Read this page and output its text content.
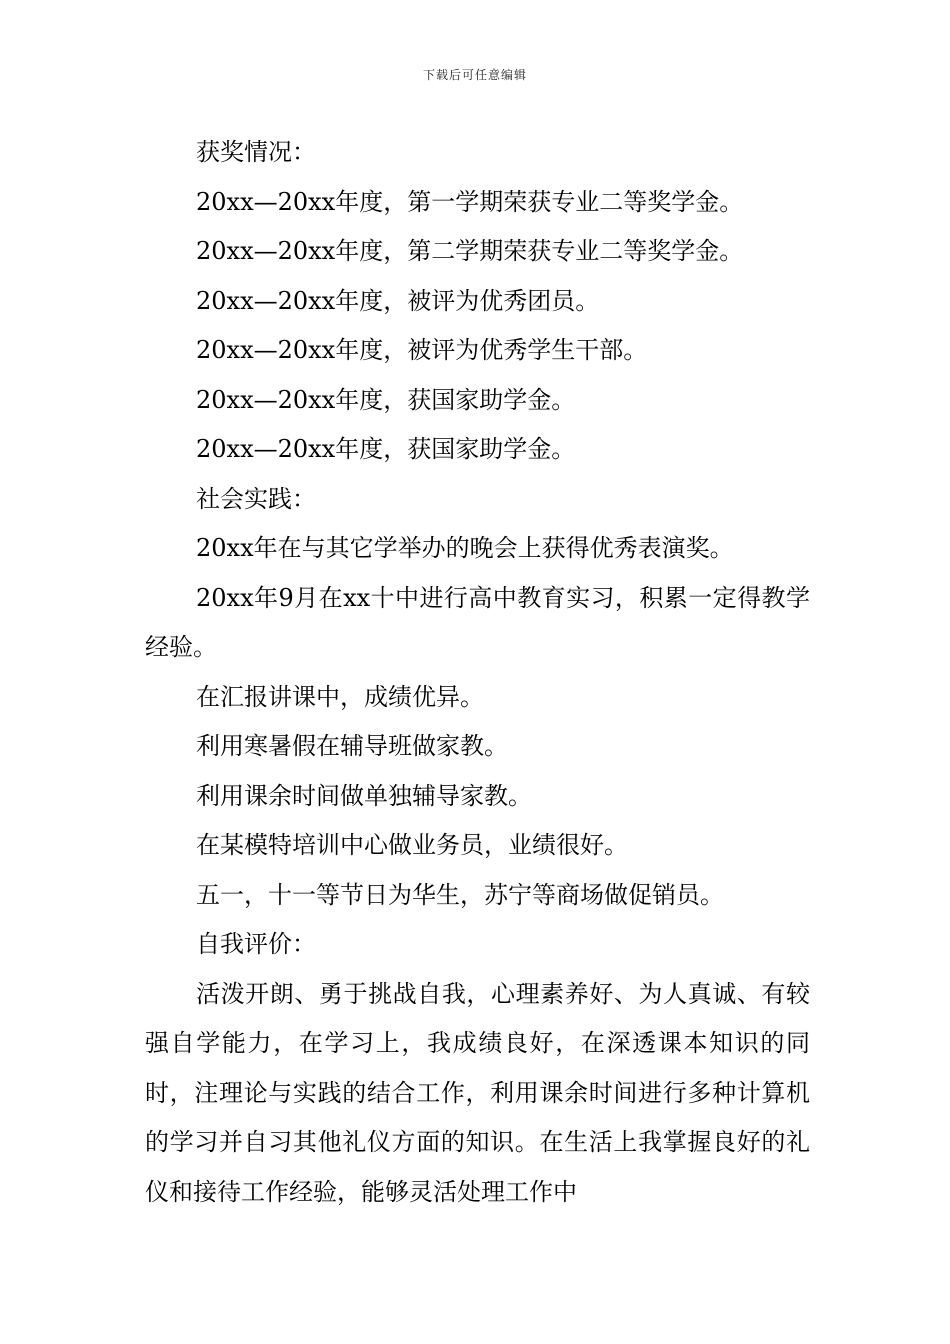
下载后可任意编辑

获奖情况：

20xx—20xx年度，第一学期荣获专业二等奖学金。

20xx—20xx年度，第二学期荣获专业二等奖学金。

20xx—20xx年度，被评为优秀团员。

20xx—20xx年度，被评为优秀学生干部。

20xx—20xx年度，获国家助学金。

20xx—20xx年度，获国家助学金。

社会实践：

20xx年在与其它学举办的晚会上获得优秀表演奖。

20xx年9月在xx十中进行高中教育实习，积累一定得教学经验。

在汇报讲课中，成绩优异。

利用寒暑假在辅导班做家教。

利用课余时间做单独辅导家教。

在某模特培训中心做业务员，业绩很好。

五一，十一等节日为华生，苏宁等商场做促销员。

自我评价：

活泼开朗、勇于挑战自我，心理素养好、为人真诚、有较强自学能力，在学习上，我成绩良好，在深透课本知识的同时，注理论与实践的结合工作，利用课余时间进行多种计算机的学习并自习其他礼仪方面的知识。在生活上我掌握良好的礼仪和接待工作经验，能够灵活处理工作中
